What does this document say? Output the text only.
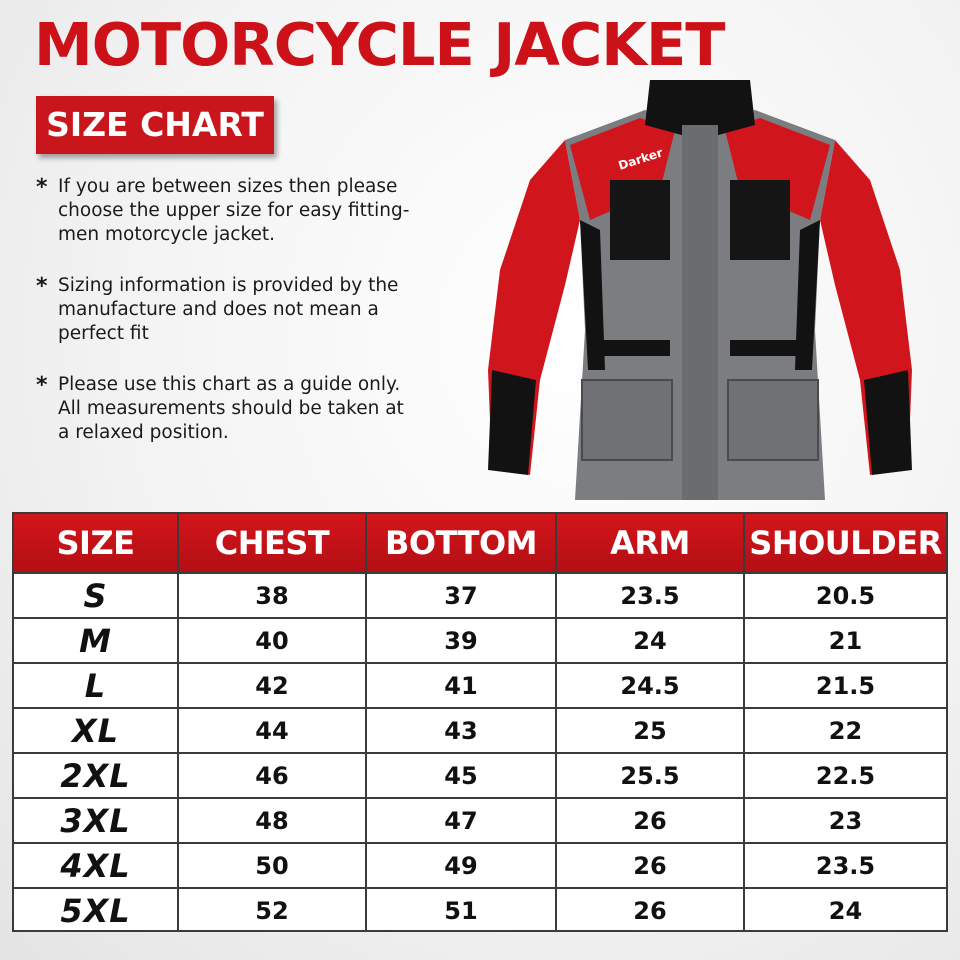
MOTORCYCLE JACKET
SIZE CHART
* If you are between sizes then please
choose the upper size for easy fitting-
men motorcycle jacket.
* Sizing information is provided by the
manufacture and does not mean a
perfect fit
* Please use this chart as a guide only.
All measurements should be taken at
a relaxed position.
Darker
SIZE	CHEST	BOTTOM	ARM	SHOULDER
S	38	37	23.5	20.5
M	40	39	24	21
L	42	41	24.5	21.5
XL	44	43	25	22
2XL	46	45	25.5	22.5
3XL	48	47	26	23
4XL	50	49	26	23.5
5XL	52	51	26	24
